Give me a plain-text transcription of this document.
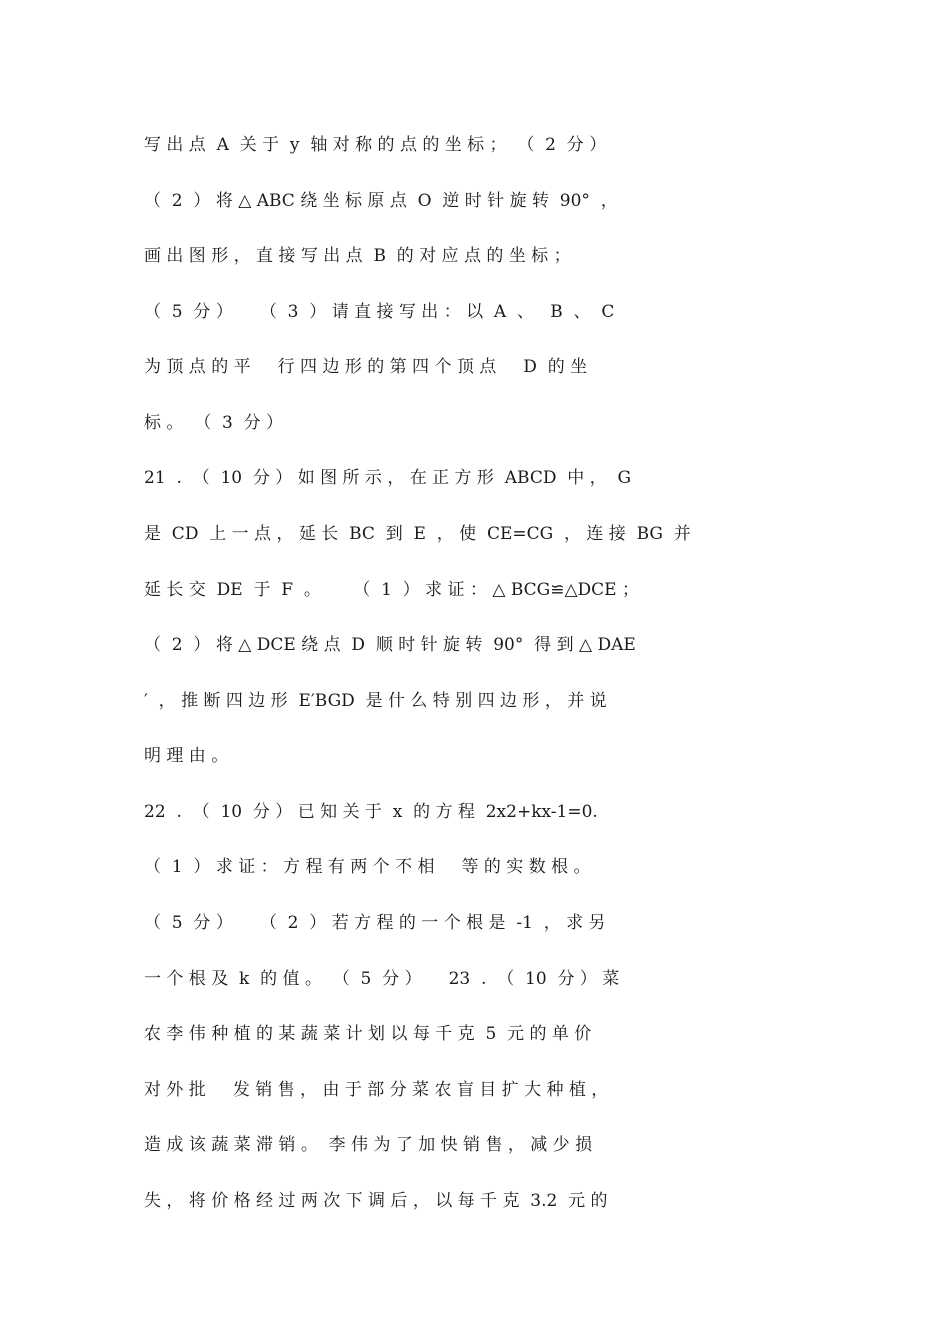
写 出 点  A  关 于  y  轴 对 称 的 点 的 坐 标 ；  （  2  分 ）
（  2  ） 将 △ ABC 绕 坐 标 原 点  O  逆 时 针 旋 转  90°  ，
画 出 图 形 ， 直 接 写 出 点  B  的 对 应 点 的 坐 标 ；
（  5  分 ）     （  3  ） 请 直 接 写 出 ： 以  A  、   B  、  C
为 顶 点 的 平     行 四 边 形 的 第 四 个 顶 点     D  的 坐
标 。  （  3  分 ）
21  .  （  10  分 ） 如 图 所 示 ， 在 正 方 形  ABCD  中 ，  G
是  CD  上 一 点 ， 延 长  BC  到  E  ， 使  CE=CG  ， 连 接  BG  并
延 长 交  DE  于  F  。      （  1  ） 求 证 ： △ BCG≌△DCE ；
（  2  ） 将 △ DCE 绕 点  D  顺 时 针 旋 转  90°  得 到 △ DAE
′  ， 推 断 四 边 形  E′BGD  是 什 么 特 别 四 边 形 ， 并 说
明 理 由 。
22  .  （  10  分 ） 已 知 关 于  x  的 方 程  2x2+kx-1=0.
（  1  ） 求 证 ： 方 程 有 两 个 不 相     等 的 实 数 根 。
（  5  分 ）     （  2  ） 若 方 程 的 一 个 根 是  -1  ， 求 另
一 个 根 及  k  的 值 。  （  5  分 ）     23  .  （  10  分 ） 菜
农 李 伟 种 植 的 某 蔬 菜 计 划 以 每 千 克  5  元 的 单 价
对 外 批     发 销 售 ， 由 于 部 分 菜 农 盲 目 扩 大 种 植 ，
造 成 该 蔬 菜 滞 销 。  李 伟 为 了 加 快 销 售 ， 减 少 损
失 ， 将 价 格 经 过 两 次 下 调 后 ， 以 每 千 克  3.2  元 的
